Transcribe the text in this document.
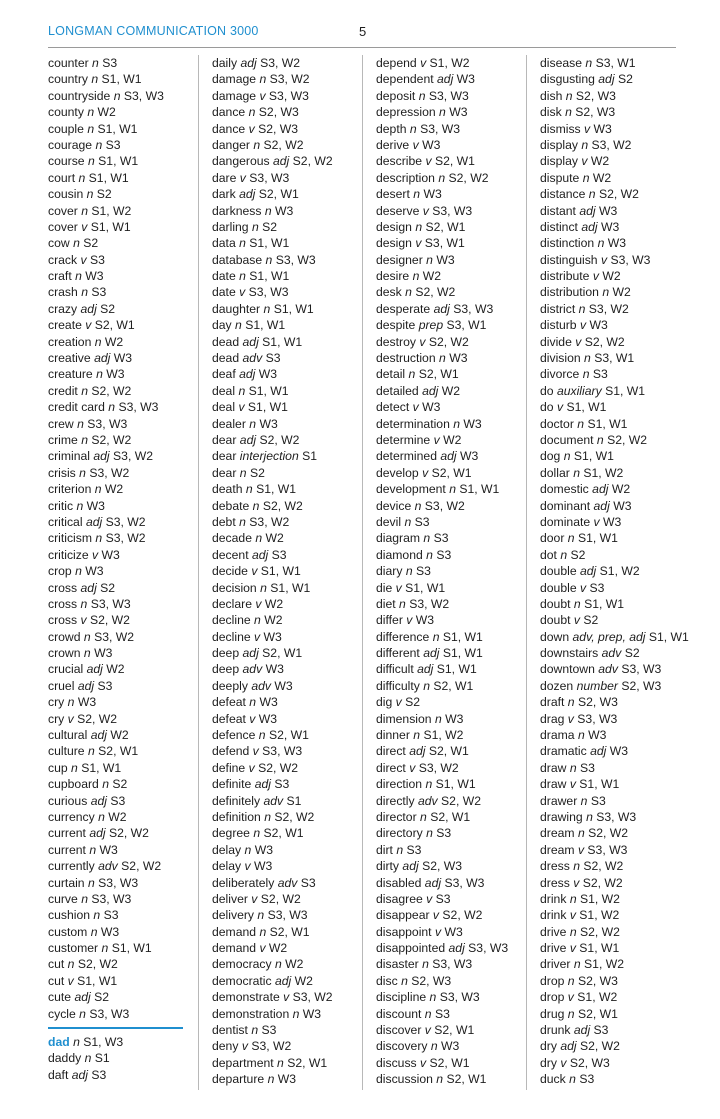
LONGMAN COMMUNICATION 3000	5
counter n S3
country n S1, W1
countryside n S3, W3
county n W2
couple n S1, W1
courage n S3
course n S1, W1
court n S1, W1
cousin n S2
cover n S1, W2
cover v S1, W1
cow n S2
crack v S3
craft n W3
crash n S3
crazy adj S2
create v S2, W1
creation n W2
creative adj W3
creature n W3
credit n S2, W2
credit card n S3, W3
crew n S3, W3
crime n S2, W2
criminal adj S3, W2
crisis n S3, W2
criterion n W2
critic n W3
critical adj S3, W2
criticism n S3, W2
criticize v W3
crop n W3
cross adj S2
cross n S3, W3
cross v S2, W2
crowd n S3, W2
crown n W3
crucial adj W2
cruel adj S3
cry n W3
cry v S2, W2
cultural adj W2
culture n S2, W1
cup n S1, W1
cupboard n S2
curious adj S3
currency n W2
current adj S2, W2
current n W3
currently adv S2, W2
curtain n S3, W3
curve n S3, W3
cushion n S3
custom n W3
customer n S1, W1
cut n S2, W2
cut v S1, W1
cute adj S2
cycle n S3, W3
dad n S1, W3
daddy n S1
daft adj S3
daily adj S3, W2
damage n S3, W2
damage v S3, W3
dance n S2, W3
dance v S2, W3
danger n S2, W2
dangerous adj S2, W2
dare v S3, W3
dark adj S2, W1
darkness n W3
darling n S2
data n S1, W1
database n S3, W3
date n S1, W1
date v S3, W3
daughter n S1, W1
day n S1, W1
dead adj S1, W1
dead adv S3
deaf adj W3
deal n S1, W1
deal v S1, W1
dealer n W3
dear adj S2, W2
dear interjection S1
dear n S2
death n S1, W1
debate n S2, W2
debt n S3, W2
decade n W2
decent adj S3
decide v S1, W1
decision n S1, W1
declare v W2
decline n W2
decline v W3
deep adj S2, W1
deep adv W3
deeply adv W3
defeat n W3
defeat v W3
defence n S2, W1
defend v S3, W3
define v S2, W2
definite adj S3
definitely adv S1
definition n S2, W2
degree n S2, W1
delay n W3
delay v W3
deliberately adv S3
deliver v S2, W2
delivery n S3, W3
demand n S2, W1
demand v W2
democracy n W2
democratic adj W2
demonstrate v S3, W2
demonstration n W3
dentist n S3
deny v S3, W2
department n S2, W1
departure n W3
depend v S1, W2
dependent adj W3
deposit n S3, W3
depression n W3
depth n S3, W3
derive v W3
describe v S2, W1
description n S2, W2
desert n W3
deserve v S3, W3
design n S2, W1
design v S3, W1
designer n W3
desire n W2
desk n S2, W2
desperate adj S3, W3
despite prep S3, W1
destroy v S2, W2
destruction n W3
detail n S2, W1
detailed adj W2
detect v W3
determination n W3
determine v W2
determined adj W3
develop v S2, W1
development n S1, W1
device n S3, W2
devil n S3
diagram n S3
diamond n S3
diary n S3
die v S1, W1
diet n S3, W2
differ v W3
difference n S1, W1
different adj S1, W1
difficult adj S1, W1
difficulty n S2, W1
dig v S2
dimension n W3
dinner n S1, W2
direct adj S2, W1
direct v S3, W2
direction n S1, W1
directly adv S2, W2
director n S2, W1
directory n S3
dirt n S3
dirty adj S2, W3
disabled adj S3, W3
disagree v S3
disappear v S2, W2
disappoint v W3
disappointed adj S3, W3
disaster n S3, W3
disc n S2, W3
discipline n S3, W3
discount n S3
discover v S2, W1
discovery n W3
discuss v S2, W1
discussion n S2, W1
disease n S3, W1
disgusting adj S2
dish n S2, W3
disk n S2, W3
dismiss v W3
display n S3, W2
display v W2
dispute n W2
distance n S2, W2
distant adj W3
distinct adj W3
distinction n W3
distinguish v S3, W3
distribute v W2
distribution n W2
district n S3, W2
disturb v W3
divide v S2, W2
division n S3, W1
divorce n S3
do auxiliary S1, W1
do v S1, W1
doctor n S1, W1
document n S2, W2
dog n S1, W1
dollar n S1, W2
domestic adj W2
dominant adj W3
dominate v W3
door n S1, W1
dot n S2
double adj S1, W2
double v S3
doubt n S1, W1
doubt v S2
down adv, prep, adj S1, W1
downstairs adv S2
downtown adv S3, W3
dozen number S2, W3
draft n S2, W3
drag v S3, W3
drama n W3
dramatic adj W3
draw n S3
draw v S1, W1
drawer n S3
drawing n S3, W3
dream n S2, W2
dream v S3, W3
dress n S2, W2
dress v S2, W2
drink n S1, W2
drink v S1, W2
drive n S2, W2
drive v S1, W1
driver n S1, W2
drop n S2, W3
drop v S1, W2
drug n S2, W1
drunk adj S3
dry adj S2, W2
dry v S2, W3
duck n S3
